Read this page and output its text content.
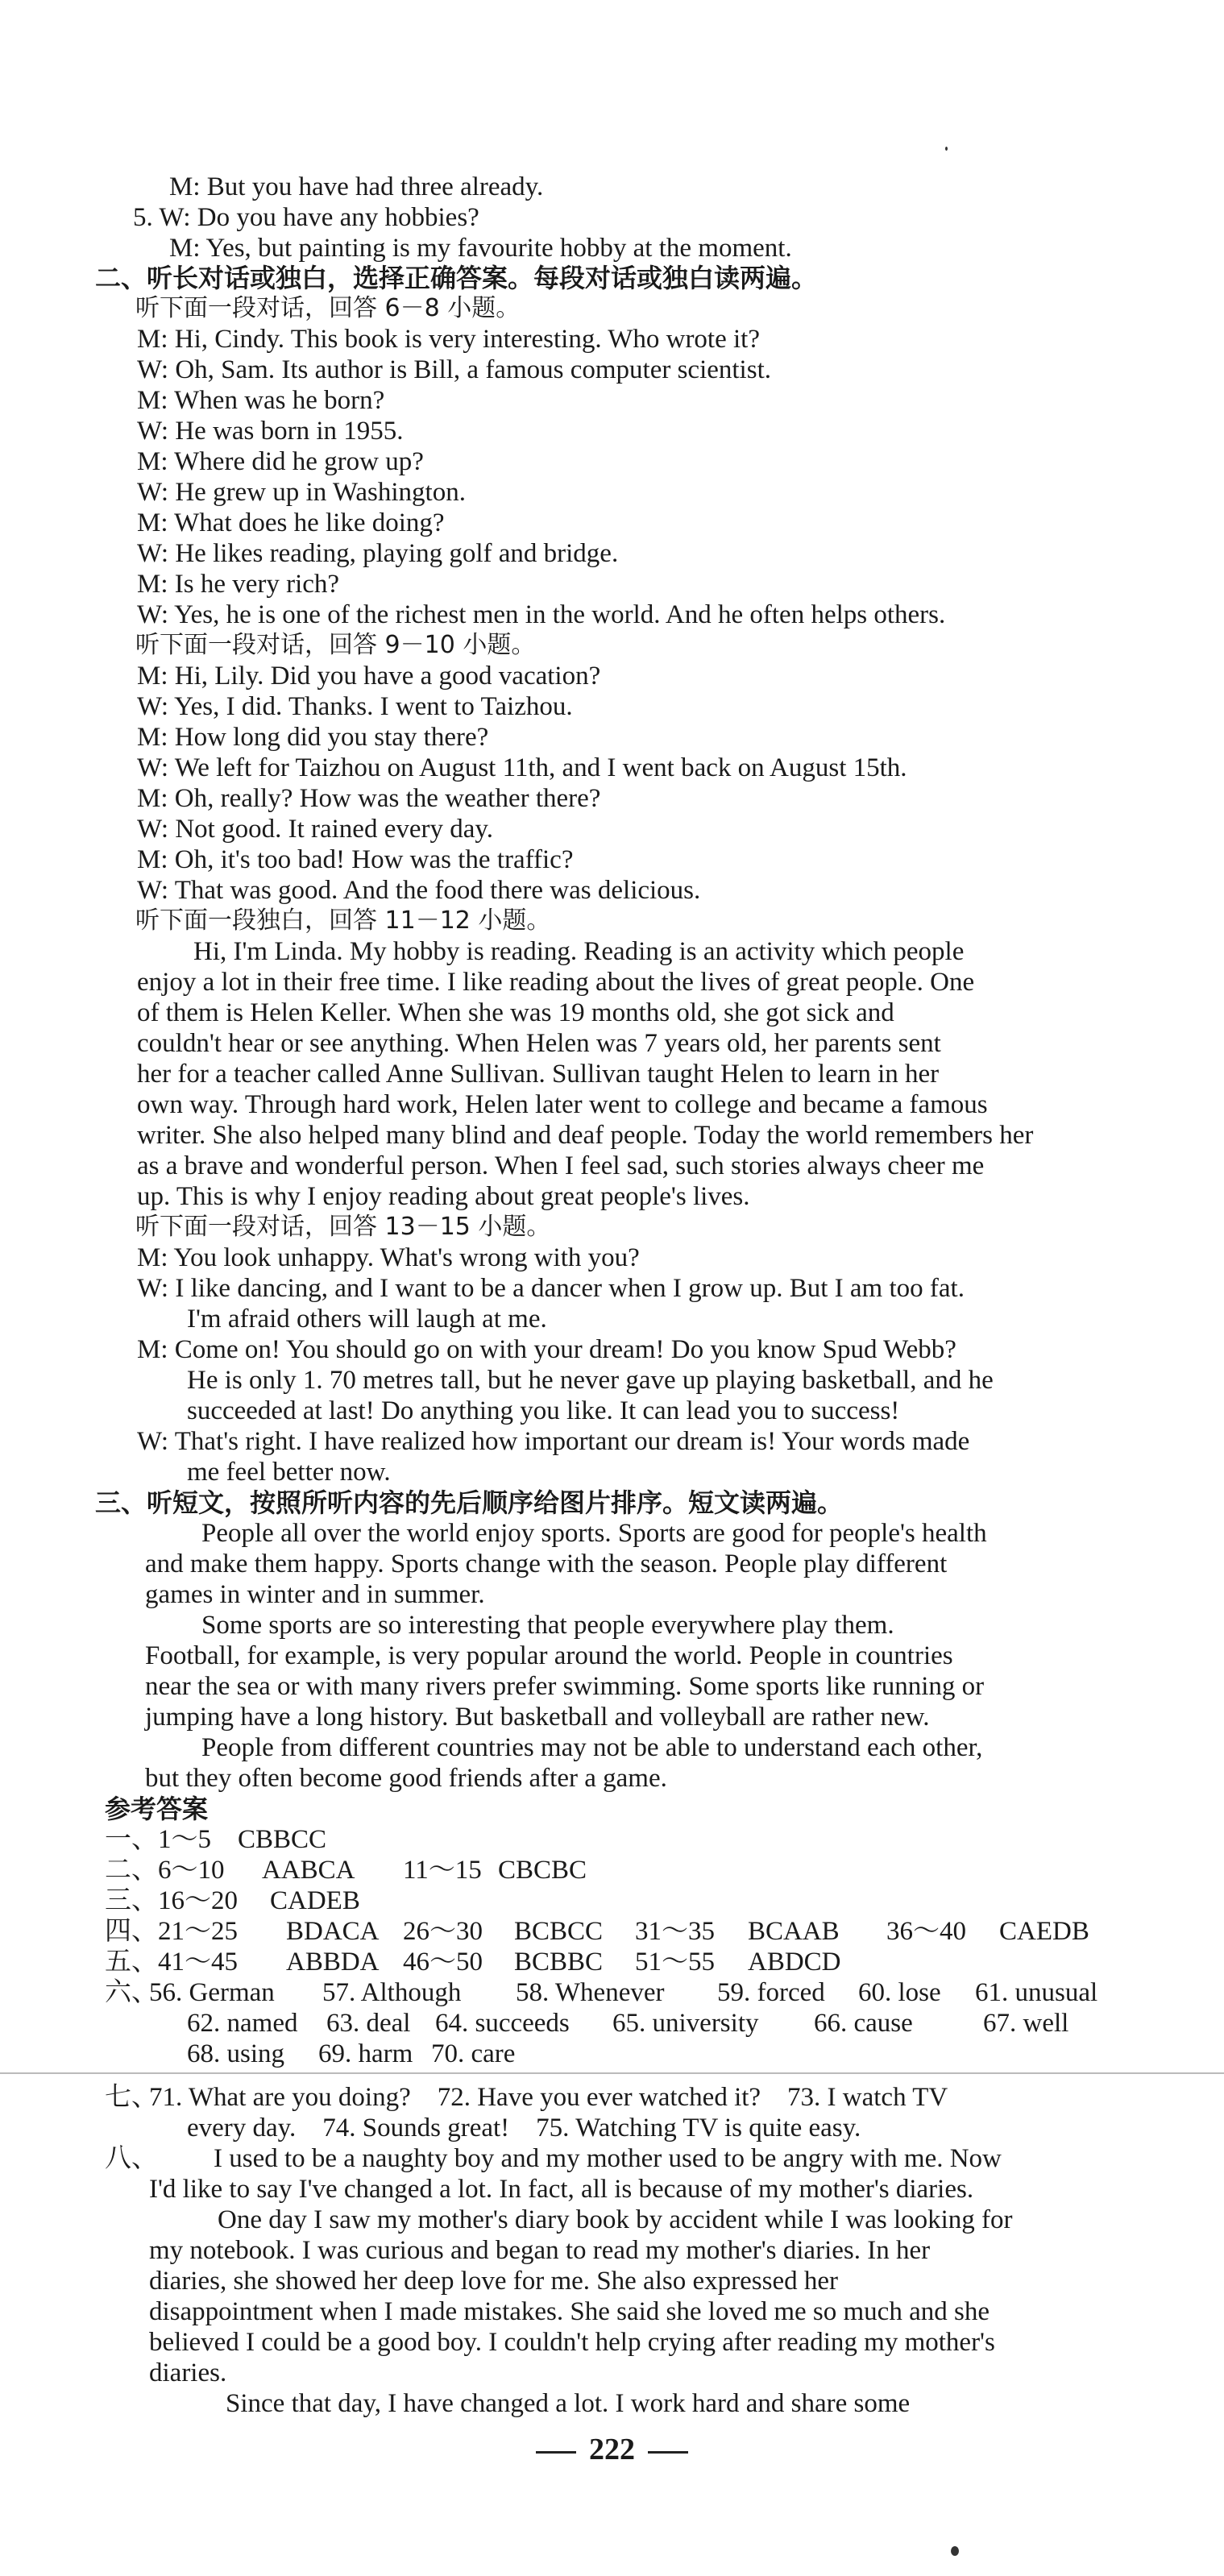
M: But you have had three already.
5. W: Do you have any hobbies?
M: Yes, but painting is my favourite hobby at the moment.
二、听长对话或独白，选择正确答案。每段对话或独白读两遍。
听下面一段对话，回答 6－8 小题。
M: Hi, Cindy. This book is very interesting. Who wrote it?
W: Oh, Sam. Its author is Bill, a famous computer scientist.
M: When was he born?
W: He was born in 1955.
M: Where did he grow up?
W: He grew up in Washington.
M: What does he like doing?
W: He likes reading, playing golf and bridge.
M: Is he very rich?
W: Yes, he is one of the richest men in the world. And he often helps others.
听下面一段对话，回答 9－10 小题。
M: Hi, Lily. Did you have a good vacation?
W: Yes, I did. Thanks. I went to Taizhou.
M: How long did you stay there?
W: We left for Taizhou on August 11th, and I went back on August 15th.
M: Oh, really? How was the weather there?
W: Not good. It rained every day.
M: Oh, it's too bad! How was the traffic?
W: That was good. And the food there was delicious.
听下面一段独白，回答 11－12 小题。
Hi, I'm Linda. My hobby is reading. Reading is an activity which people
enjoy a lot in their free time. I like reading about the lives of great people. One
of them is Helen Keller. When she was 19 months old, she got sick and
couldn't hear or see anything. When Helen was 7 years old, her parents sent
her for a teacher called Anne Sullivan. Sullivan taught Helen to learn in her
own way. Through hard work, Helen later went to college and became a famous
writer. She also helped many blind and deaf people. Today the world remembers her
as a brave and wonderful person. When I feel sad, such stories always cheer me
up. This is why I enjoy reading about great people's lives.
听下面一段对话，回答 13－15 小题。
M: You look unhappy. What's wrong with you?
W: I like dancing, and I want to be a dancer when I grow up. But I am too fat.
I'm afraid others will laugh at me.
M: Come on! You should go on with your dream! Do you know Spud Webb?
He is only 1. 70 metres tall, but he never gave up playing basketball, and he
succeeded at last! Do anything you like. It can lead you to success!
W: That's right. I have realized how important our dream is! Your words made
me feel better now.
三、听短文，按照所听内容的先后顺序给图片排序。短文读两遍。
People all over the world enjoy sports. Sports are good for people's health
and make them happy. Sports change with the season. People play different
games in winter and in summer.
Some sports are so interesting that people everywhere play them.
Football, for example, is very popular around the world. People in countries
near the sea or with many rivers prefer swimming. Some sports like running or
jumping have a long history. But basketball and volleyball are rather new.
People from different countries may not be able to understand each other,
but they often become good friends after a game.
参考答案
一、1～5 CBBCC
二、6～10 AABCA 11～15 CBCBC
三、16～20 CADEB
四、21～25 BDACA 26～30 BCBCC 31～35 BCAAB 36～40 CAEDB
五、41～45 ABBDA 46～50 BCBBC 51～55 ABDCD
六、
56. German 57. Although 58. Whenever 59. forced 60. lose 61. unusual
62. named 63. deal 64. succeeds 65. university 66. cause	67. well
68. using 69. harm 70. care
七、
71. What are you doing?    72. Have you ever watched it?    73. I watch TV
every day.    74. Sounds great!    75. Watching TV is quite easy.
八、 I used to be a naughty boy and my mother used to be angry with me. Now
I'd like to say I've changed a lot. In fact, all is because of my mother's diaries.
One day I saw my mother's diary book by accident while I was looking for
my notebook. I was curious and began to read my mother's diaries. In her
diaries, she showed her deep love for me. She also expressed her
disappointment when I made mistakes. She said she loved me so much and she
believed I could be a good boy. I couldn't help crying after reading my mother's
diaries.
Since that day, I have changed a lot. I work hard and share some
222
